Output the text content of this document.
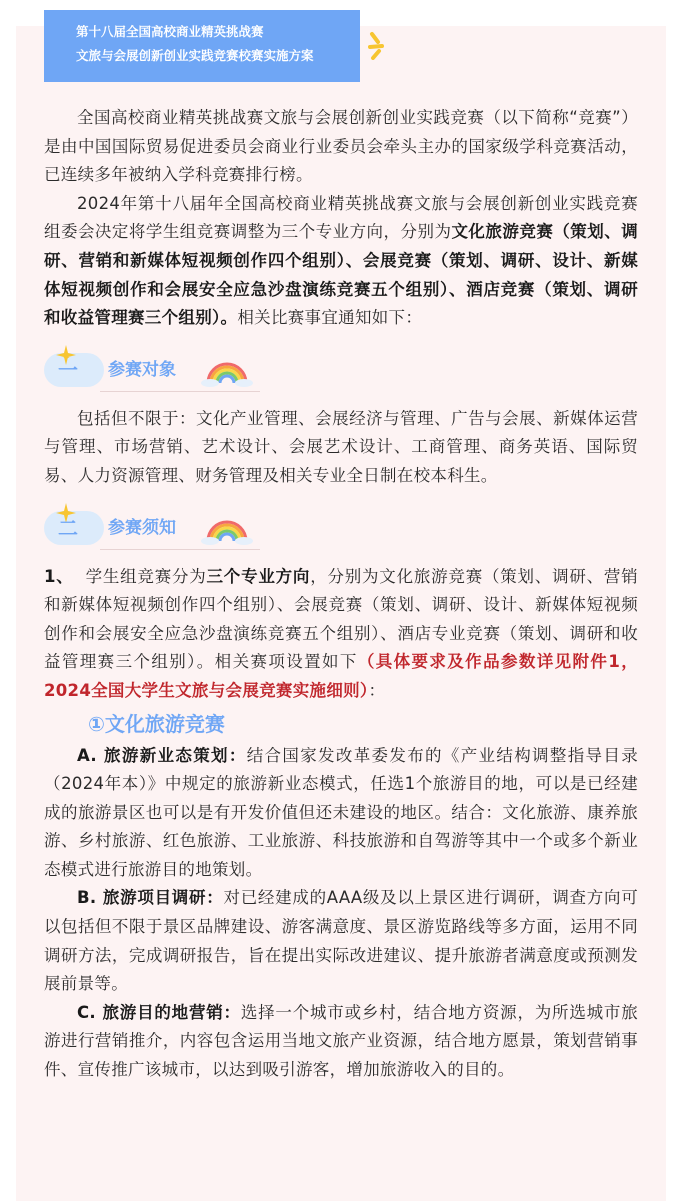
第十八届全国高校商业精英挑战赛
文旅与会展创新创业实践竞赛校赛实施方案

全国高校商业精英挑战赛文旅与会展创新创业实践竞赛（以下简称“竞赛”）是由中国国际贸易促进委员会商业行业委员会牵头主办的国家级学科竞赛活动，已连续多年被纳入学科竞赛排行榜。

2024年第十八届年全国高校商业精英挑战赛文旅与会展创新创业实践竞赛组委会决定将学生组竞赛调整为三个专业方向，分别为文化旅游竞赛（策划、调研、营销和新媒体短视频创作四个组别）、会展竞赛（策划、调研、设计、新媒体短视频创作和会展安全应急沙盘演练竞赛五个组别）、酒店竞赛（策划、调研和收益管理赛三个组别）。相关比赛事宜通知如下：

一	参赛对象

包括但不限于：文化产业管理、会展经济与管理、广告与会展、新媒体运营与管理、市场营销、艺术设计、会展艺术设计、工商管理、商务英语、国际贸易、人力资源管理、财务管理及相关专业全日制在校本科生。

二	参赛须知

1、 学生组竞赛分为三个专业方向，分别为文化旅游竞赛（策划、调研、营销和新媒体短视频创作四个组别）、会展竞赛（策划、调研、设计、新媒体短视频创作和会展安全应急沙盘演练竞赛五个组别）、酒店专业竞赛（策划、调研和收益管理赛三个组别）。相关赛项设置如下（具体要求及作品参数详见附件1，2024全国大学生文旅与会展竞赛实施细则）：

①文化旅游竞赛

A. 旅游新业态策划：结合国家发改革委发布的《产业结构调整指导目录（2024年本）》中规定的旅游新业态模式，任选1个旅游目的地，可以是已经建成的旅游景区也可以是有开发价值但还未建设的地区。结合：文化旅游、康养旅游、乡村旅游、红色旅游、工业旅游、科技旅游和自驾游等其中一个或多个新业态模式进行旅游目的地策划。

B. 旅游项目调研：对已经建成的AAA级及以上景区进行调研，调查方向可以包括但不限于景区品牌建设、游客满意度、景区游览路线等多方面，运用不同调研方法，完成调研报告，旨在提出实际改进建议、提升旅游者满意度或预测发展前景等。

C. 旅游目的地营销：选择一个城市或乡村，结合地方资源，为所选城市旅游进行营销推介，内容包含运用当地文旅产业资源，结合地方愿景，策划营销事件、宣传推广该城市，以达到吸引游客，增加旅游收入的目的。
